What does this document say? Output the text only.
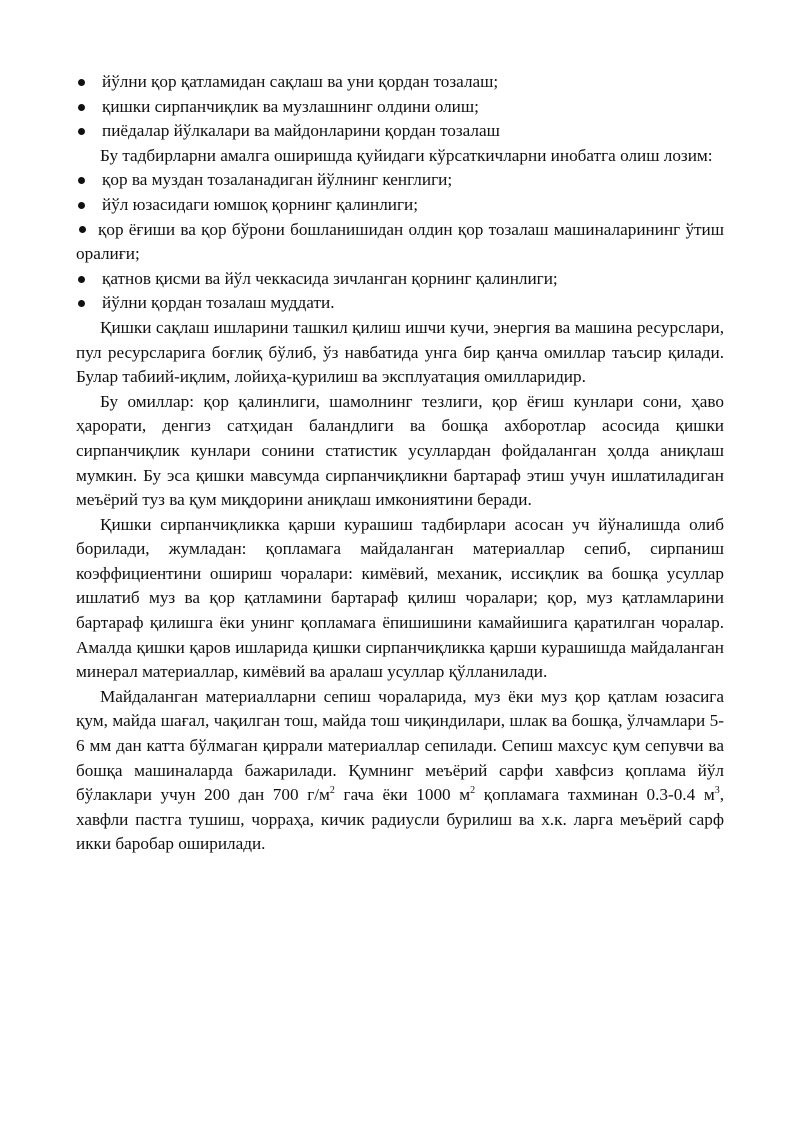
йўлни қор қатламидан сақлаш ва уни қордан тозалаш;

қишки сирпанчиқлик ва музлашнинг олдини олиш;

пиёдалар йўлкалари ва майдонларини қордан тозалаш

Бу тадбирларни амалга оширишда қуйидаги кўрсаткичларни инобатга олиш лозим:

қор ва муздан тозаланадиган йўлнинг кенглиги;

йўл юзасидаги юмшоқ қорнинг қалинлиги;

қор ёғиши ва қор бўрони бошланишидан олдин қор тозалаш машиналарининг ўтиш оралиғи;

қатнов қисми ва йўл чеккасида зичланган қорнинг қалинлиги;

йўлни қордан тозалаш муддати.

Қишки сақлаш ишларини ташкил қилиш ишчи кучи, энергия ва машина ресурслари, пул ресурсларига боғлиқ бўлиб, ўз навбатида унга бир қанча омиллар таъсир қилади. Булар табиий-иқлим, лойиҳа-қурилиш ва эксплуатация омилларидир.

Бу омиллар: қор қалинлиги, шамолнинг тезлиги, қор ёғиш кунлари сони, ҳаво ҳарорати, денгиз сатҳидан баландлиги ва бошқа ахборотлар асосида қишки сирпанчиқлик кунлари сонини статистик усуллардан фойдаланган ҳолда аниқлаш мумкин. Бу эса қишки мавсумда сирпанчиқликни бартараф этиш учун ишлатиладиган меъёрий туз ва қум миқдорини аниқлаш имкониятини беради.

Қишки сирпанчиқликка қарши курашиш тадбирлари асосан уч йўналишда олиб борилади, жумладан: қопламага майдаланган материаллар сепиб, сирпаниш коэффициентини ошириш чоралари: кимёвий, механик, иссиқлик ва бошқа усуллар ишлатиб муз ва қор қатламини бартараф қилиш чоралари; қор, муз қатламларини бартараф қилишга ёки унинг қопламага ёпишишини камайишига қаратилган чоралар. Амалда қишки қаров ишларида қишки сирпанчиқликка қарши курашишда майдаланган минерал материаллар, кимёвий ва аралаш усуллар қўлланилади.

Майдаланган материалларни сепиш чораларида, муз ёки муз қор қатлам юзасига қум, майда шағал, чақилган тош, майда тош чиқиндилари, шлак ва бошқа, ўлчамлари 5-6 мм дан катта бўлмаган қиррали материаллар сепилади. Сепиш махсус қум сепувчи ва бошқа машиналарда бажарилади. Қумнинг меъёрий сарфи хавфсиз қоплама йўл бўлаклари учун 200 дан 700 $г/м^2$ гача ёки 1000 $м^2$ қопламага тахминан 0.3-0.4 $м^3$, хавфли пастга тушиш, чорраҳа, кичик радиусли бурилиш ва х.к. ларга меъёрий сарф икки баробар оширилади.
